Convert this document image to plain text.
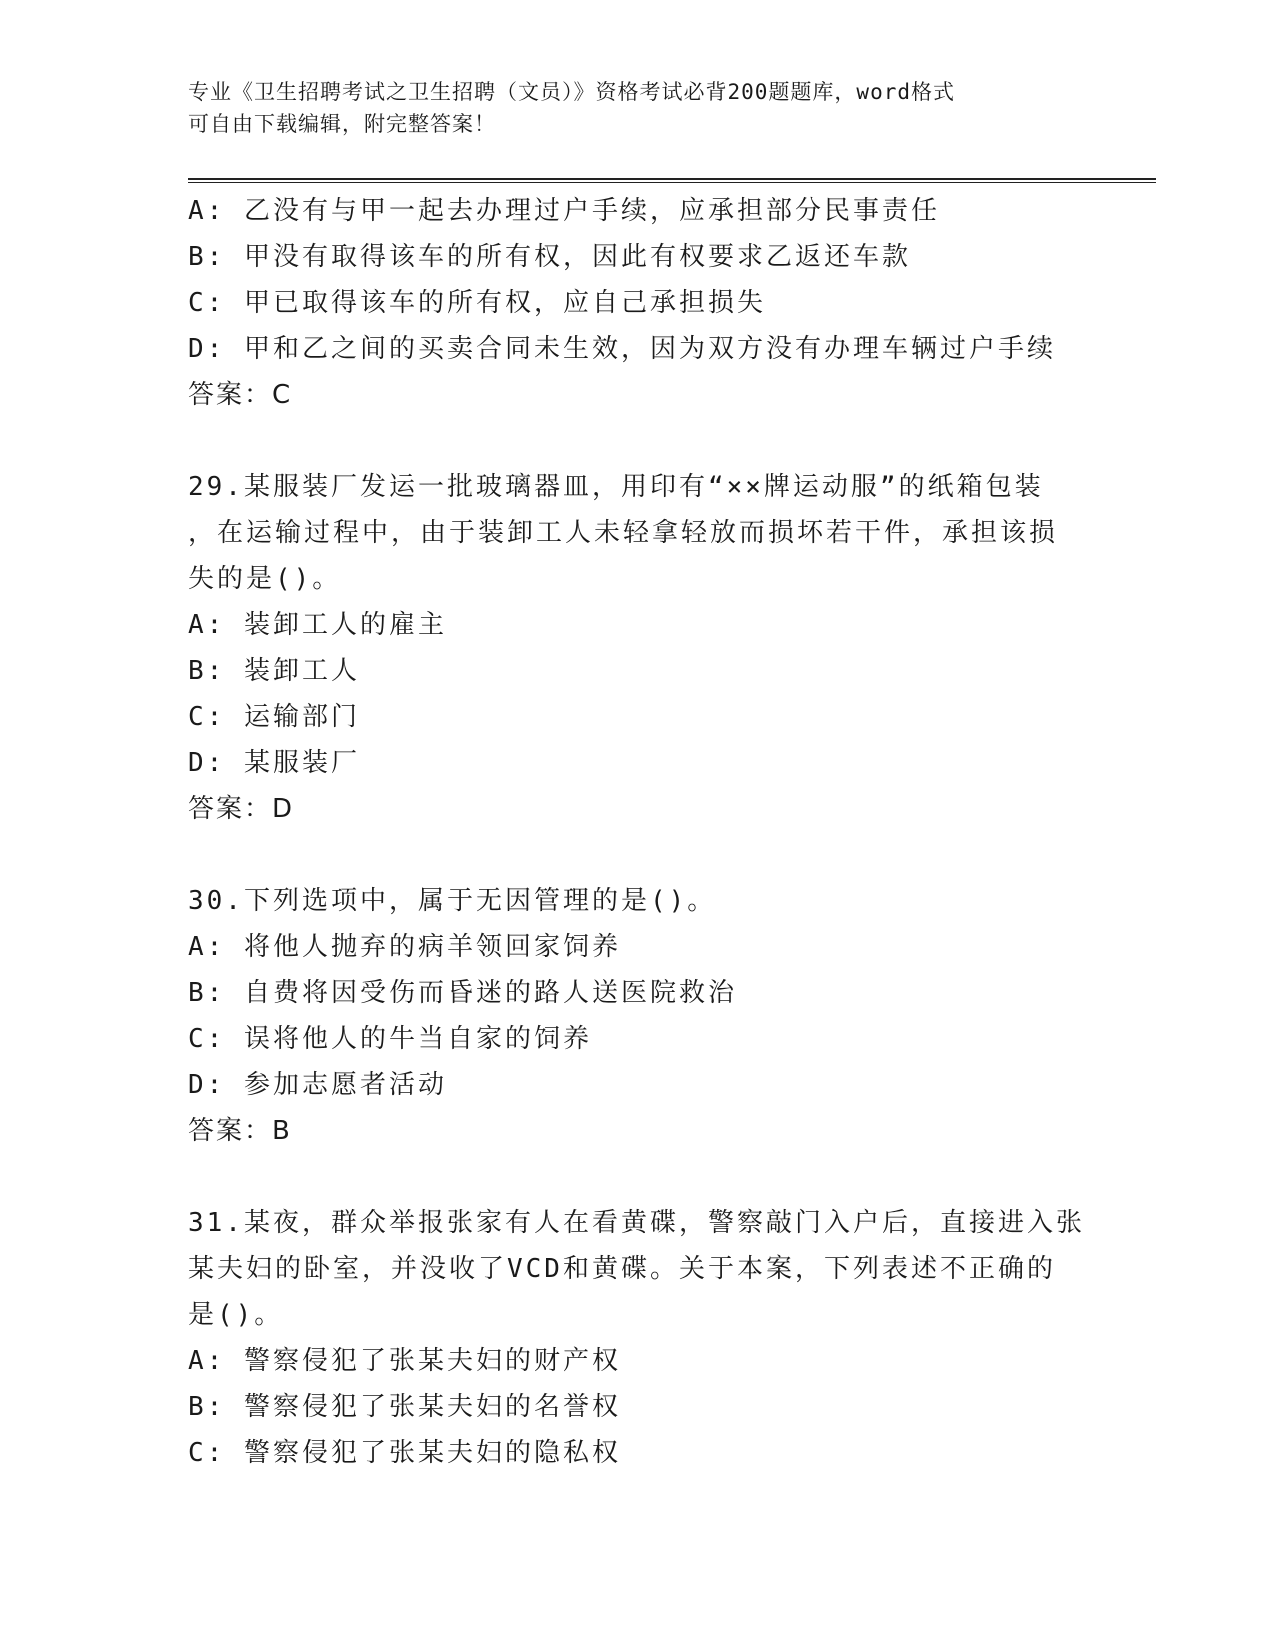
专业《卫生招聘考试之卫生招聘（文员）》资格考试必背200题题库，word格式
可自由下载编辑，附完整答案！
A: 乙没有与甲一起去办理过户手续，应承担部分民事责任
B: 甲没有取得该车的所有权，因此有权要求乙返还车款
C: 甲已取得该车的所有权，应自己承担损失
D: 甲和乙之间的买卖合同未生效，因为双方没有办理车辆过户手续
答案：C
29.某服装厂发运一批玻璃器皿，用印有“××牌运动服”的纸箱包装
，在运输过程中，由于装卸工人未轻拿轻放而损坏若干件，承担该损
失的是()。
A: 装卸工人的雇主
B: 装卸工人
C: 运输部门
D: 某服装厂
答案：D
30.下列选项中，属于无因管理的是()。
A: 将他人抛弃的病羊领回家饲养
B: 自费将因受伤而昏迷的路人送医院救治
C: 误将他人的牛当自家的饲养
D: 参加志愿者活动
答案：B
31.某夜，群众举报张家有人在看黄碟，警察敲门入户后，直接进入张
某夫妇的卧室，并没收了VCD和黄碟。关于本案，下列表述不正确的
是()。
A: 警察侵犯了张某夫妇的财产权
B: 警察侵犯了张某夫妇的名誉权
C: 警察侵犯了张某夫妇的隐私权
